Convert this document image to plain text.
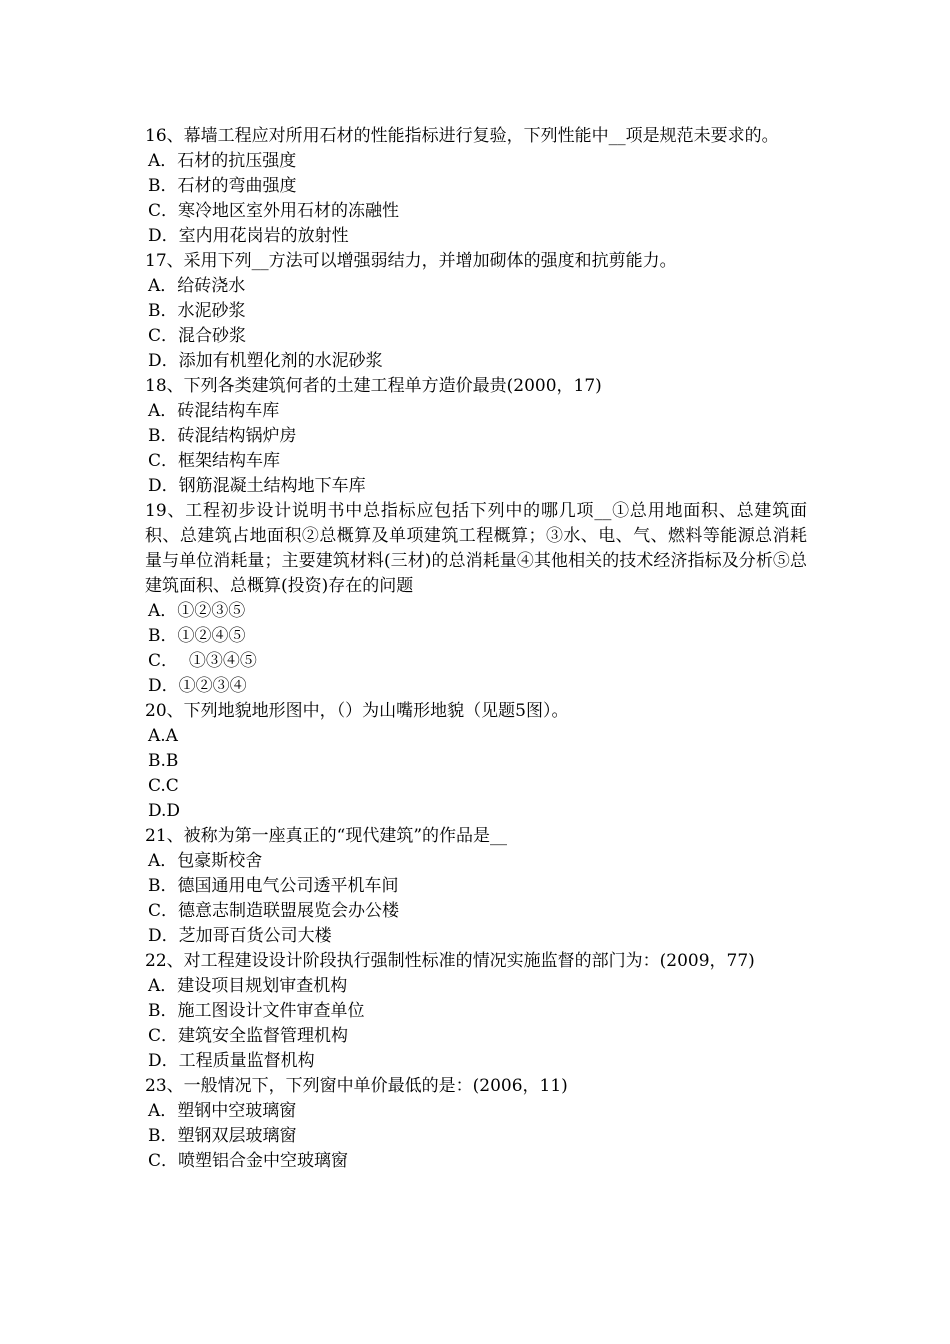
16、幕墙工程应对所用石材的性能指标进行复验，下列性能中__项是规范未要求的。

A．石材的抗压强度

B．石材的弯曲强度

C．寒冷地区室外用石材的冻融性

D．室内用花岗岩的放射性

17、采用下列__方法可以增强弱结力，并增加砌体的强度和抗剪能力。

A．给砖浇水

B．水泥砂浆

C．混合砂浆

D．添加有机塑化剂的水泥砂浆

18、下列各类建筑何者的土建工程单方造价最贵(2000，17)

A．砖混结构车库

B．砖混结构锅炉房

C．框架结构车库

D．钢筋混凝土结构地下车库

19、工程初步设计说明书中总指标应包括下列中的哪几项__①总用地面积、总建筑面积、总建筑占地面积②总概算及单项建筑工程概算；③水、电、气、燃料等能源总消耗量与单位消耗量；主要建筑材料(三材)的总消耗量④其他相关的技术经济指标及分析⑤总建筑面积、总概算(投资)存在的问题

A．①②③⑤

B．①②④⑤

C．  ①③④⑤

D．①②③④

20、下列地貌地形图中，（）为山嘴形地貌（见题5图）。

A.A

B.B

C.C

D.D

21、被称为第一座真正的“现代建筑”的作品是__

A．包豪斯校舍

B．德国通用电气公司透平机车间

C．德意志制造联盟展览会办公楼

D．芝加哥百货公司大楼

22、对工程建设设计阶段执行强制性标准的情况实施监督的部门为：(2009，77)

A．建设项目规划审查机构

B．施工图设计文件审查单位

C．建筑安全监督管理机构

D．工程质量监督机构

23、一般情况下，下列窗中单价最低的是：(2006，11)

A．塑钢中空玻璃窗

B．塑钢双层玻璃窗

C．喷塑铝合金中空玻璃窗
